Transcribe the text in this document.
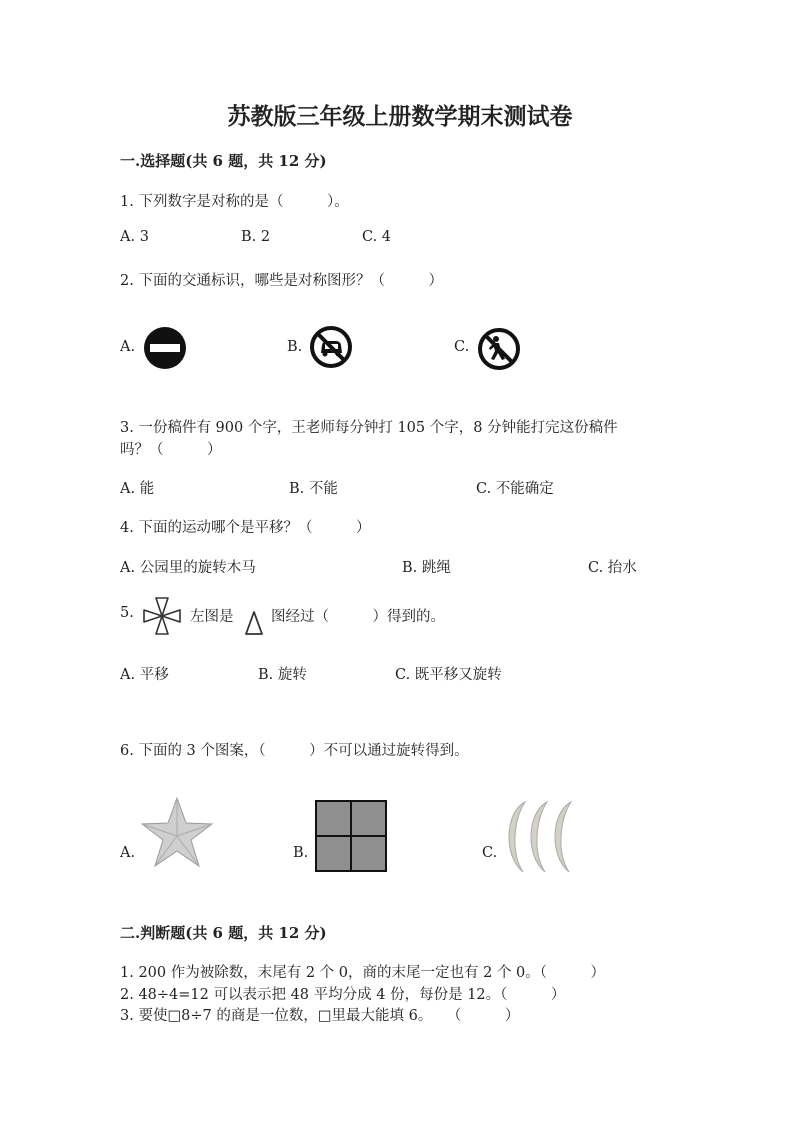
苏教版三年级上册数学期末测试卷
一.选择题(共 6 题，共 12 分)
1. 下列数字是对称的是（　　　）。
A. 3	B. 2	C. 4
2. 下面的交通标识，哪些是对称图形？（　　　）
A.	B.	C.
3. 一份稿件有 900 个字，王老师每分钟打 105 个字，8 分钟能打完这份稿件
吗？（　　　）
A. 能	B. 不能	C. 不能确定
4. 下面的运动哪个是平移？（　　　）
A. 公园里的旋转木马	B. 跳绳	C. 抬水
5.	左图是	图经过（　　　）得到的。
A. 平移	B. 旋转	C. 既平移又旋转
6. 下面的 3 个图案，（　　　）不可以通过旋转得到。
A.	B.	C.
二.判断题(共 6 题，共 12 分)
1. 200 作为被除数，末尾有 2 个 0，商的末尾一定也有 2 个 0。（　　　）
2. 48÷4=12 可以表示把 48 平均分成 4 份，每份是 12。（　　　）
3. 要使□8÷7 的商是一位数，□里最大能填 6。　　（　　　）
